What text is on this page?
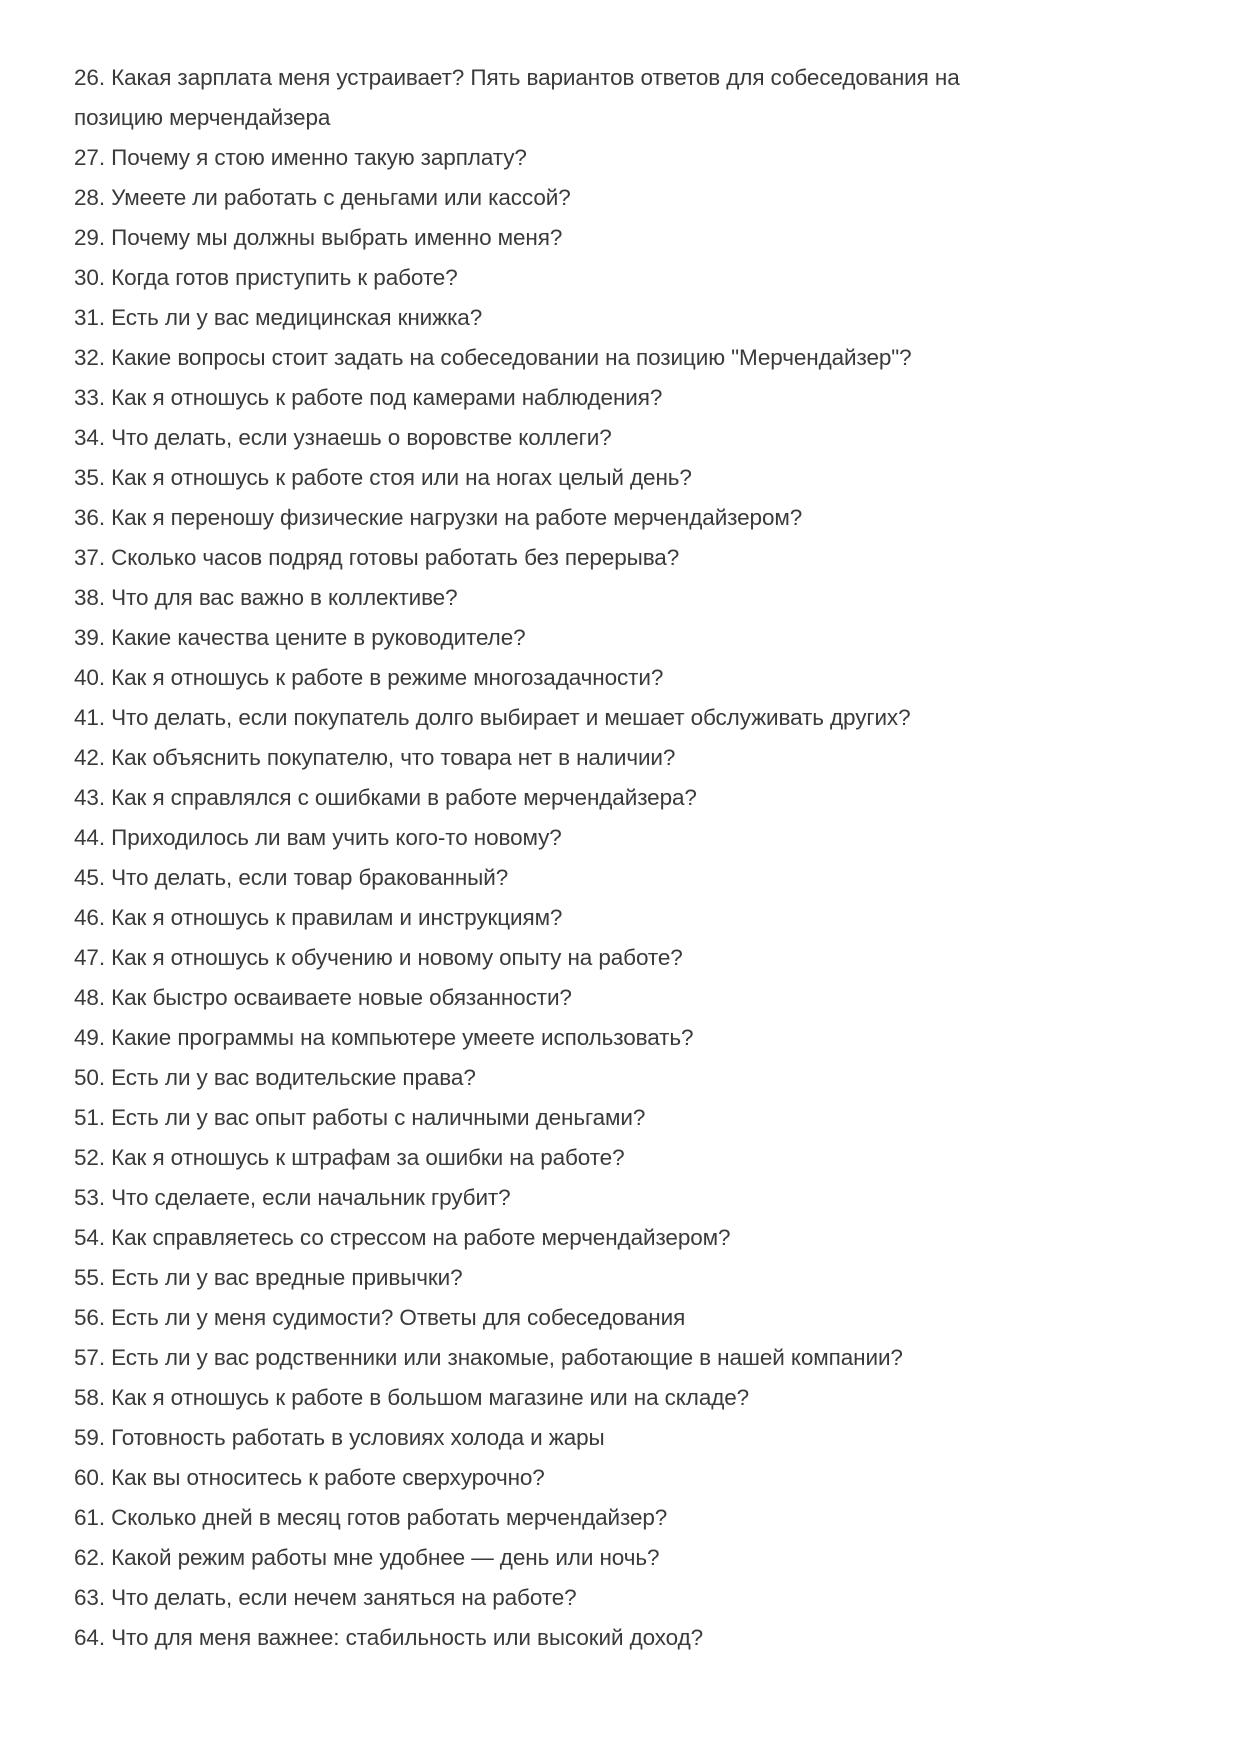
26. Какая зарплата меня устраивает? Пять вариантов ответов для собеседования на
позицию мерчендайзера
27. Почему я стою именно такую зарплату?
28. Умеете ли работать с деньгами или кассой?
29. Почему мы должны выбрать именно меня?
30. Когда готов приступить к работе?
31. Есть ли у вас медицинская книжка?
32. Какие вопросы стоит задать на собеседовании на позицию "Мерчендайзер"?
33. Как я отношусь к работе под камерами наблюдения?
34. Что делать, если узнаешь о воровстве коллеги?
35. Как я отношусь к работе стоя или на ногах целый день?
36. Как я переношу физические нагрузки на работе мерчендайзером?
37. Сколько часов подряд готовы работать без перерыва?
38. Что для вас важно в коллективе?
39. Какие качества цените в руководителе?
40. Как я отношусь к работе в режиме многозадачности?
41. Что делать, если покупатель долго выбирает и мешает обслуживать других?
42. Как объяснить покупателю, что товара нет в наличии?
43. Как я справлялся с ошибками в работе мерчендайзера?
44. Приходилось ли вам учить кого-то новому?
45. Что делать, если товар бракованный?
46. Как я отношусь к правилам и инструкциям?
47. Как я отношусь к обучению и новому опыту на работе?
48. Как быстро осваиваете новые обязанности?
49. Какие программы на компьютере умеете использовать?
50. Есть ли у вас водительские права?
51. Есть ли у вас опыт работы с наличными деньгами?
52. Как я отношусь к штрафам за ошибки на работе?
53. Что сделаете, если начальник грубит?
54. Как справляетесь со стрессом на работе мерчендайзером?
55. Есть ли у вас вредные привычки?
56. Есть ли у меня судимости? Ответы для собеседования
57. Есть ли у вас родственники или знакомые, работающие в нашей компании?
58. Как я отношусь к работе в большом магазине или на складе?
59. Готовность работать в условиях холода и жары
60. Как вы относитесь к работе сверхурочно?
61. Сколько дней в месяц готов работать мерчендайзер?
62. Какой режим работы мне удобнее — день или ночь?
63. Что делать, если нечем заняться на работе?
64. Что для меня важнее: стабильность или высокий доход?
